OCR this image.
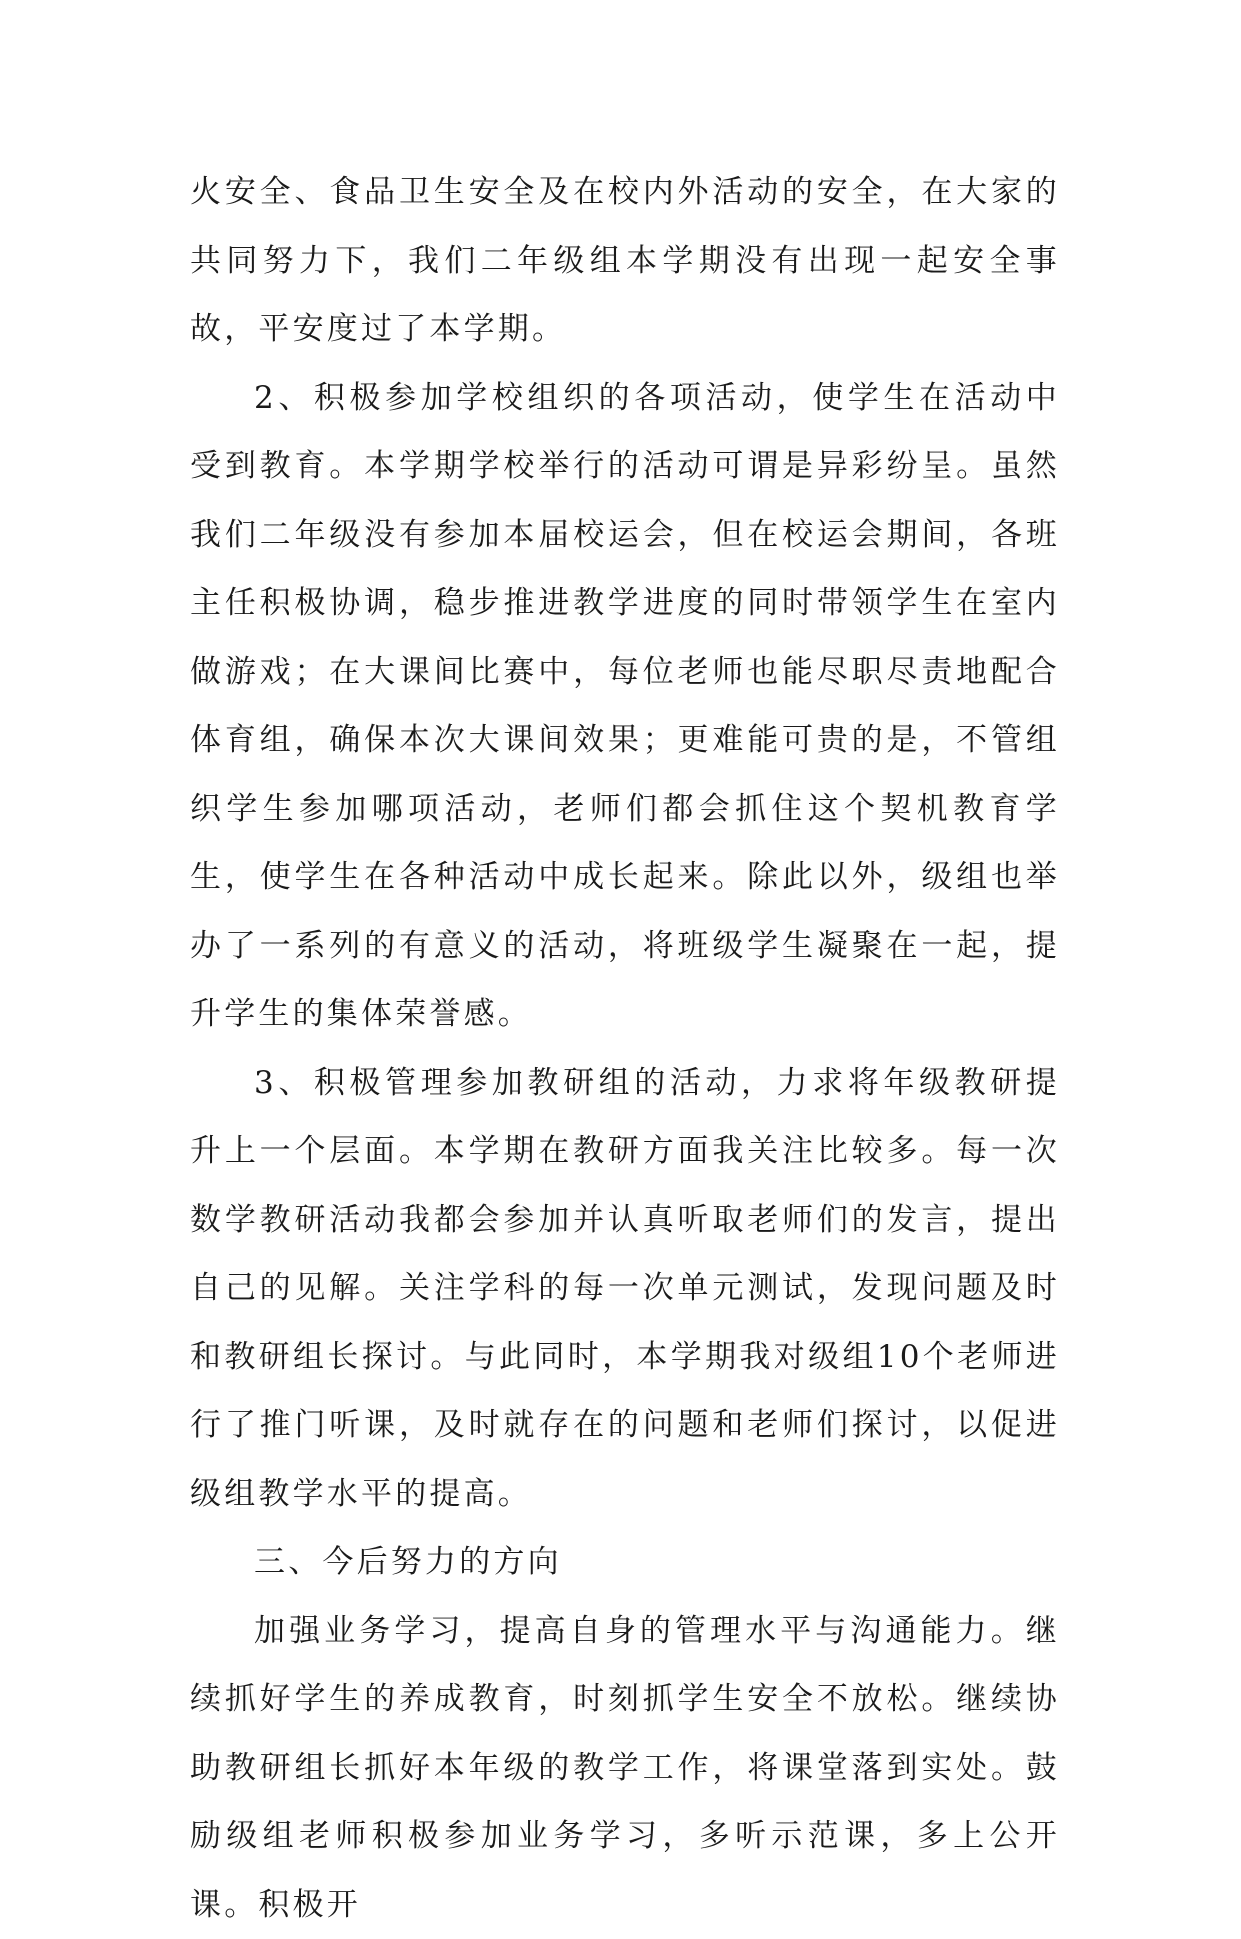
火安全、食品卫生安全及在校内外活动的安全，在大家的共同努力下，我们二年级组本学期没有出现一起安全事故，平安度过了本学期。

2、积极参加学校组织的各项活动，使学生在活动中受到教育。本学期学校举行的活动可谓是异彩纷呈。虽然我们二年级没有参加本届校运会，但在校运会期间，各班主任积极协调，稳步推进教学进度的同时带领学生在室内做游戏；在大课间比赛中，每位老师也能尽职尽责地配合体育组，确保本次大课间效果；更难能可贵的是，不管组织学生参加哪项活动，老师们都会抓住这个契机教育学生，使学生在各种活动中成长起来。除此以外，级组也举办了一系列的有意义的活动，将班级学生凝聚在一起，提升学生的集体荣誉感。

3、积极管理参加教研组的活动，力求将年级教研提升上一个层面。本学期在教研方面我关注比较多。每一次数学教研活动我都会参加并认真听取老师们的发言，提出自己的见解。关注学科的每一次单元测试，发现问题及时和教研组长探讨。与此同时，本学期我对级组10个老师进行了推门听课，及时就存在的问题和老师们探讨，以促进级组教学水平的提高。

三、今后努力的方向

加强业务学习，提高自身的管理水平与沟通能力。继续抓好学生的养成教育，时刻抓学生安全不放松。继续协助教研组长抓好本年级的教学工作，将课堂落到实处。鼓励级组老师积极参加业务学习，多听示范课，多上公开课。积极开
